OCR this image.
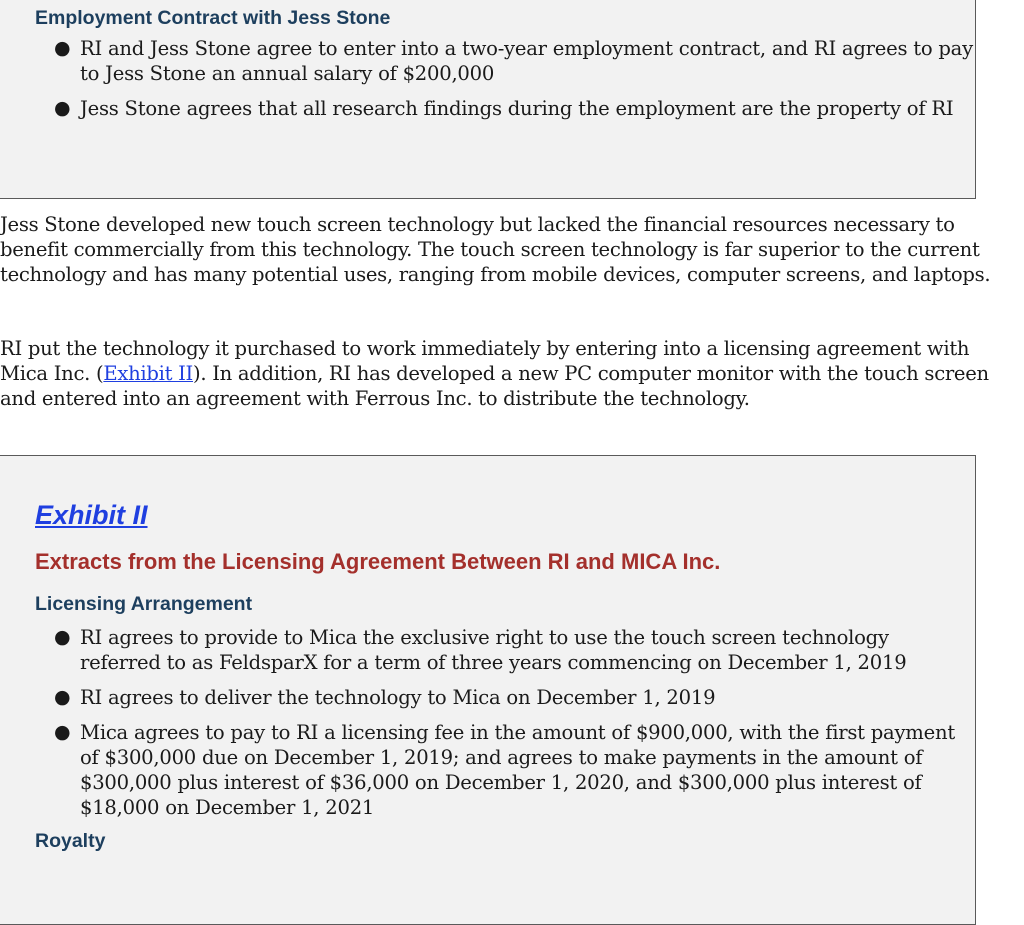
Employment Contract with Jess Stone
● RI and Jess Stone agree to enter into a two-year employment contract, and RI agrees to pay to Jess Stone an annual salary of $200,000
● Jess Stone agrees that all research findings during the employment are the property of RI

Jess Stone developed new touch screen technology but lacked the financial resources necessary to benefit commercially from this technology. The touch screen technology is far superior to the current technology and has many potential uses, ranging from mobile devices, computer screens, and laptops.

RI put the technology it purchased to work immediately by entering into a licensing agreement with Mica Inc. (Exhibit II). In addition, RI has developed a new PC computer monitor with the touch screen and entered into an agreement with Ferrous Inc. to distribute the technology.

Exhibit II
Extracts from the Licensing Agreement Between RI and MICA Inc.
Licensing Arrangement
● RI agrees to provide to Mica the exclusive right to use the touch screen technology referred to as FeldsparX for a term of three years commencing on December 1, 2019
● RI agrees to deliver the technology to Mica on December 1, 2019
● Mica agrees to pay to RI a licensing fee in the amount of $900,000, with the first payment of $300,000 due on December 1, 2019; and agrees to make payments in the amount of $300,000 plus interest of $36,000 on December 1, 2020, and $300,000 plus interest of $18,000 on December 1, 2021
Royalty
